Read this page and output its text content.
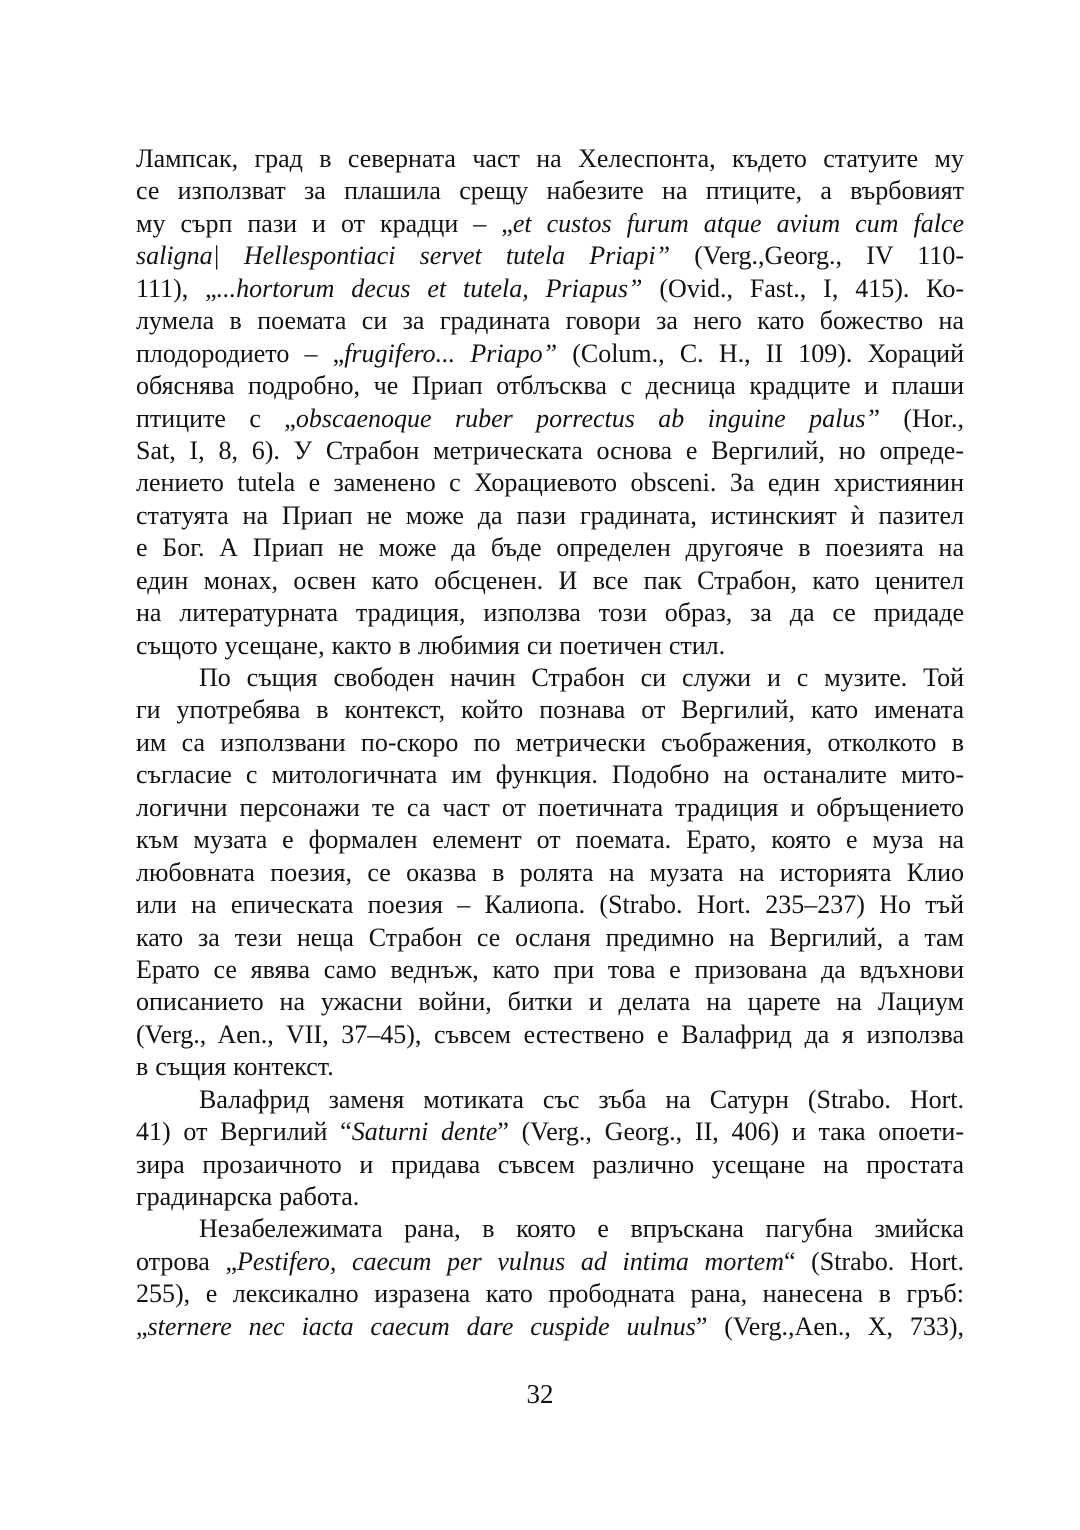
Лампсак, град в северната част на Хелеспонта, където статуите му
се използват за плашила срещу набезите на птиците, а върбовият
му сърп пази и от крадци – „et custos furum atque avium cum falce
saligna| Hellespontiaci servet tutela Priapi” (Verg.,Georg., IV 110-
111), „...hortorum decus et tutela, Priapus” (Ovid., Fast., I, 415). Ко-
лумела в поемата си за градината говори за него като божество на
плодородието – „frugifero... Priapo” (Colum., C. H., II 109). Хораций
обяснява подробно, че Приап отблъсква с десница крадците и плаши
птиците с „obscaenoque ruber porrectus ab inguine palus” (Hor.,
Sat, I, 8, 6). У Страбон метрическата основа е Вергилий, но опреде-
лението tutela е заменено с Хорациевото obsceni. За един християнин
статуята на Приап не може да пази градината, истинският ѝ пазител
е Бог. А Приап не може да бъде определен другояче в поезията на
един монах, освен като обсценен. И все пак Страбон, като ценител
на литературната традиция, използва този образ, за да се придаде
същото усещане, както в любимия си поетичен стил.
По същия свободен начин Страбон си служи и с музите. Той
ги употребява в контекст, който познава от Вергилий, като имената
им са използвани по-скоро по метрически съображения, отколкото в
съгласие с митологичната им функция. Подобно на останалите мито-
логични персонажи те са част от поетичната традиция и обръщението
към музата е формален елемент от поемата. Ерато, която е муза на
любовната поезия, се оказва в ролята на музата на историята Клио
или на епическата поезия – Калиопа. (Strabo. Hort. 235–237) Но тъй
като за тези неща Страбон се осланя предимно на Вергилий, а там
Ерато се явява само веднъж, като при това е призована да вдъхнови
описанието на ужасни войни, битки и делата на царете на Лациум
(Verg., Aen., VII, 37–45), съвсем естествено е Валафрид да я използва
в същия контекст.
Валафрид заменя мотиката със зъба на Сатурн (Strabo. Hort.
41) от Вергилий “Saturni dente” (Verg., Georg., II, 406) и така опоети-
зира прозаичното и придава съвсем различно усещане на простата
градинарска работа.
Незабележимата рана, в която е впръскана пагубна змийска
отрова „Pestifero, caecum per vulnus ad intima mortem“ (Strabo. Hort.
255), е лексикално изразена като прободната рана, нанесена в гръб:
„sternere nec iacta caecum dare cuspide uulnus” (Verg.,Aen., X, 733),
32
